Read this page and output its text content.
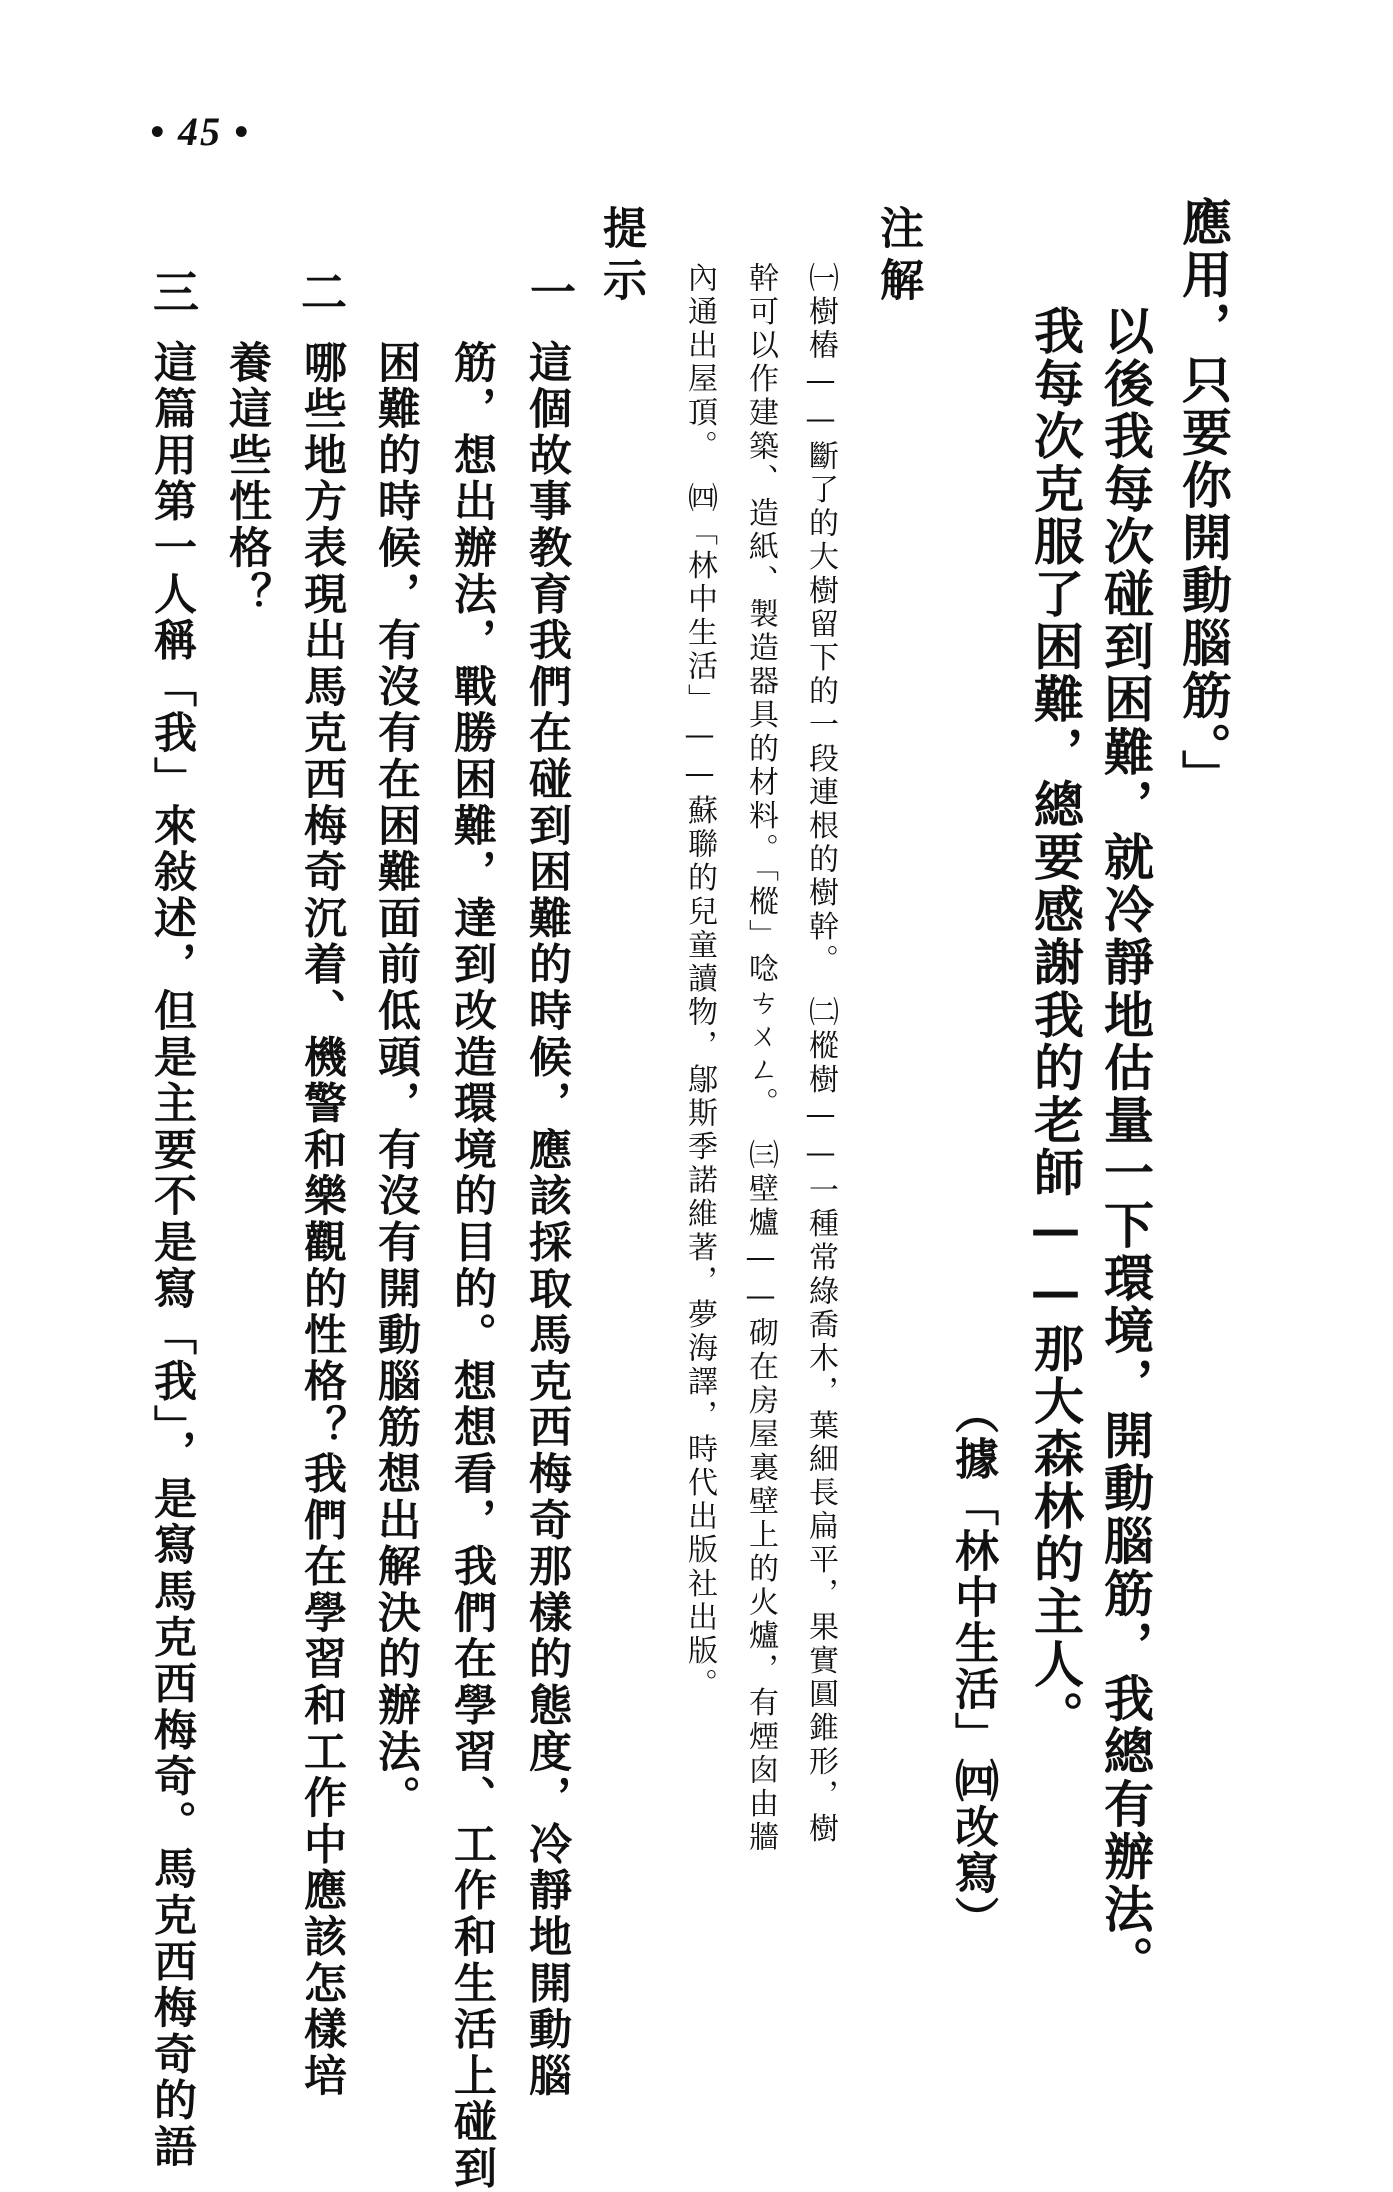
• 45 •
應用，只要你開動腦筋。」
以後我每次碰到困難，就冷靜地估量一下環境，開動腦筋，我總有辦法。
我每次克服了困難，總要感謝我的老師——那大森林的主人。
（據「林中生活」㈣改寫）
注解
㈠樹樁——斷了的大樹留下的一段連根的樹幹。　㈡樅樹——一種常綠喬木，葉細長扁平，果實圓錐形，樹
幹可以作建築、造紙、製造器具的材料。「樅」唸ㄘㄨㄥ。　㈢壁爐——砌在房屋裏壁上的火爐，有煙囱由牆
內通出屋頂。　㈣「林中生活」——蘇聯的兒童讀物，鄔斯季諾維著，夢海譯，時代出版社出版。
提示
一
這個故事教育我們在碰到困難的時候，應該採取馬克西梅奇那樣的態度，冷靜地開動腦
筋，想出辦法，戰勝困難，達到改造環境的目的。想想看，我們在學習、工作和生活上碰到
困難的時候，有沒有在困難面前低頭，有沒有開動腦筋想出解決的辦法。
二
哪些地方表現出馬克西梅奇沉着、機警和樂觀的性格？我們在學習和工作中應該怎樣培
養這些性格？
三
這篇用第一人稱「我」來敍述，但是主要不是寫「我」，是寫馬克西梅奇。馬克西梅奇的語
